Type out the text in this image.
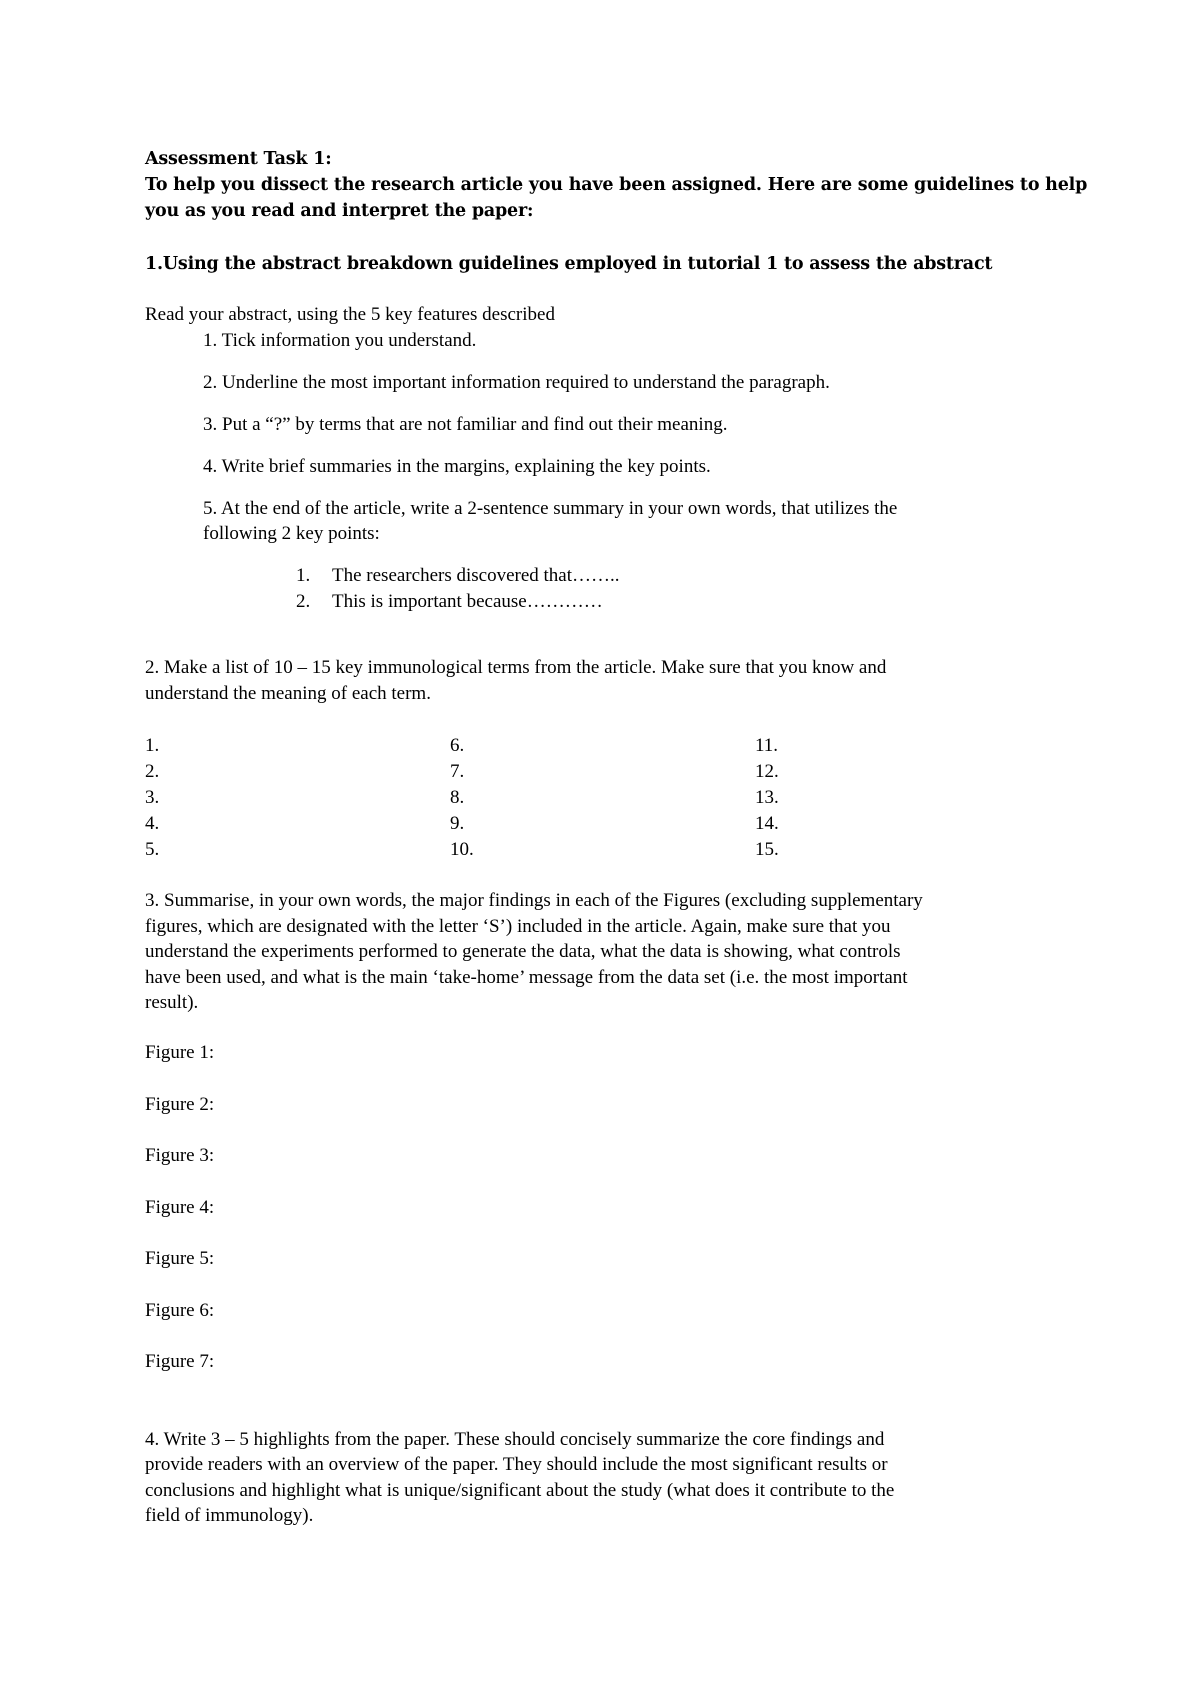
Assessment Task 1:
To help you dissect the research article you have been assigned. Here are some guidelines to help
you as you read and interpret the paper:
1.Using the abstract breakdown guidelines employed in tutorial 1 to assess the abstract
Read your abstract, using the 5 key features described
1. Tick information you understand.
2. Underline the most important information required to understand the paragraph.
3. Put a “?” by terms that are not familiar and find out their meaning.
4. Write brief summaries in the margins, explaining the key points.
5. At the end of the article, write a 2-sentence summary in your own words, that utilizes the
following 2 key points:
1. The researchers discovered that……..
2. This is important because…………
2. Make a list of 10 – 15 key immunological terms from the article. Make sure that you know and
understand the meaning of each term.
1.
2.
3.
4.
5.
6.
7.
8.
9.
10.
11.
12.
13.
14.
15.
3. Summarise, in your own words, the major findings in each of the Figures (excluding supplementary
figures, which are designated with the letter ‘S’) included in the article. Again, make sure that you
understand the experiments performed to generate the data, what the data is showing, what controls
have been used, and what is the main ‘take-home’ message from the data set (i.e. the most important
result).
Figure 1:
Figure 2:
Figure 3:
Figure 4:
Figure 5:
Figure 6:
Figure 7:
4. Write 3 – 5 highlights from the paper. These should concisely summarize the core findings and
provide readers with an overview of the paper. They should include the most significant results or
conclusions and highlight what is unique/significant about the study (what does it contribute to the
field of immunology).
